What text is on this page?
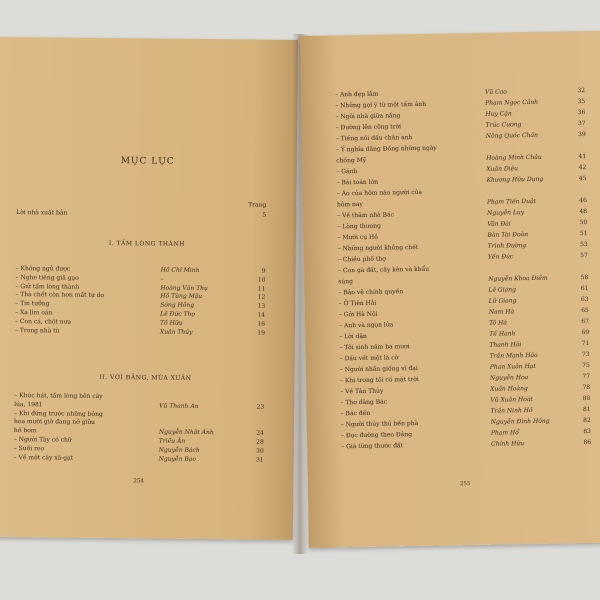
MỤC LỤC
Trang
Lời nhà xuất bản	5
I. TẤM LÒNG THÀNH
– Không ngủ được	Hồ Chí Minh	9
– Nghe tiếng giã gạo	–	10
– Giữ tấm lòng thành	Hoàng Văn Thụ	11
– Thà chết còn hơn mất tự do	Hồ Tùng Mậu	12
– Tin tưởng	Sóng Hồng	13
– Xa lìm oán	Lê Đức Thọ	14
– Con cá, chột nưa	Tố Hữu	16
– Trong nhà tù	Xuân Thủy	19
II. VỚI ĐẢNG, MÙA XUÂN
– Khúc hát, tấm lòng bên cây
lúa, 1981	Vũ Thanh An	23
– Khi đứng trước những bông
hoa mười giờ đang nở giữa
hố bom	Nguyễn Nhật Ánh	24
– Người Tày có chữ	Triều Ân	28
– Suối reo	Nguyễn Bách	30
– Về một cây xã-gạt	Nguyễn Bạo	31
254
– Anh đẹp lắm	Vũ Cao	32
– Những gợi ý từ một tấm ảnh	Phạm Ngọc Cảnh	35
– Ngôi nhà giữa nắng	Huy Cận	36
– Đường lên công trời	Trúc Cương	37
– Tiếng nói dấu chân anh	Nông Quốc Chấn	39
– Ý nghĩa dâng Đồng những ngày
chống Mỹ	Hoàng Minh Châu	41
– Gánh	Xuân Diệu	42
– Bài toán lớn	Khương Hữu Dụng	45
– Áo của hôm nào người của
hôm nay	Phạm Tiến Duật	46
– Về thăm nhà Bác	Nguyễn Luy	48
– Lòng thương	Vân Đài	50
– Mười cụ Hồ	Bàn Tài Đoàn	51
– Những người không chết	Trình Đường	53
– Chiều phố thợ	Yến Đức	57
– Con gà đất, cây kèn và khẩu
súng	Nguyễn Khoa Điềm	58
– Bảo vệ chính quyền	Lê Giang	61
– Ở Tiên Hải	Lữ Giang	63
– Gởi Hà Nội	Nam Hà	65
– Anh và ngọn lửa	Tô Hà	67
– Lời dặn	Tế Hanh	69
– Tôi sinh năm ba mươi	Thanh Hải	71
– Dấu vết một là cờ	Trần Mạnh Hảo	73
– Người nhân giống vĩ đại	Phan Xuân Hạt	75
– Khi trong tôi có mặt trời	Nguyễn Hoa	77
– Về Tân Thủy	Xuân Hoàng	78
– Thơ dâng Bác	Vũ Xuân Hoát	80
– Bác đến	Trần Ninh Hồ	81
– Người thủy thủ bến phà	Nguyễn Đình Hồng	82
– Đọc đường theo Đảng	Phạm Hổ	83
– Giá từng thước đất	Chính Hữu	86
255
